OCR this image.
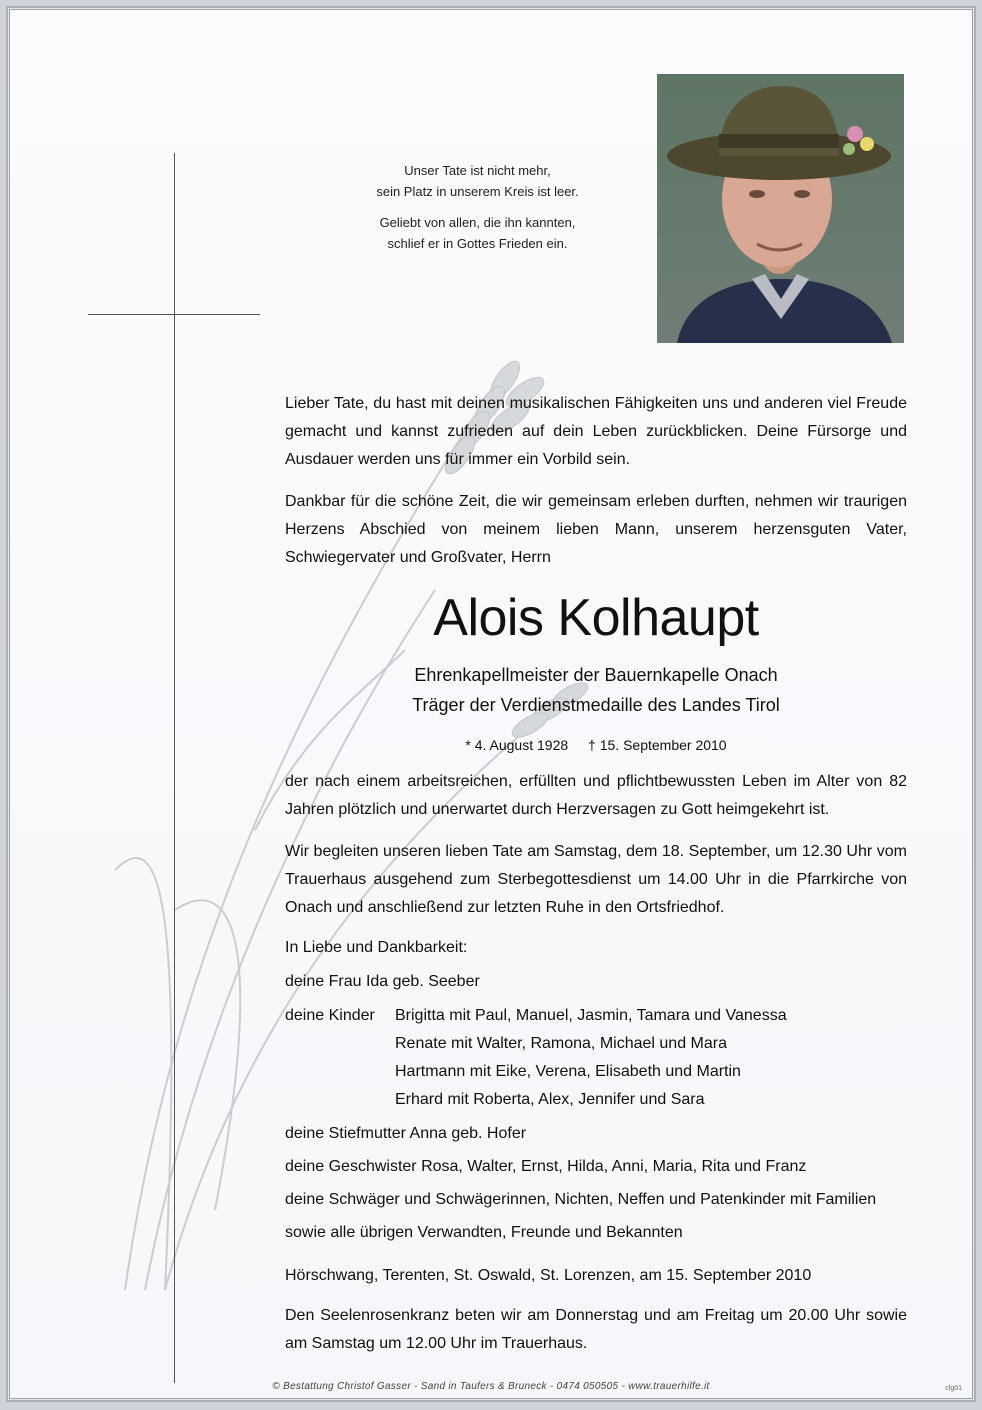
Unser Tate ist nicht mehr,
sein Platz in unserem Kreis ist leer.

Geliebt von allen, die ihn kannten,
schlief er in Gottes Frieden ein.

Lieber Tate, du hast mit deinen musikalischen Fähigkeiten uns und anderen viel Freude gemacht und kannst zufrieden auf dein Leben zurückblicken. Deine Fürsorge und Ausdauer werden uns für immer ein Vorbild sein.
Dankbar für die schöne Zeit, die wir gemeinsam erleben durften, nehmen wir traurigen Herzens Abschied von meinem lieben Mann, unserem herzensguten Vater, Schwiegervater und Großvater, Herrn
Alois Kolhaupt
Ehrenkapellmeister der Bauernkapelle Onach
Träger der Verdienstmedaille des Landes Tirol
* 4. August 1928 † 15. September 2010
der nach einem arbeitsreichen, erfüllten und pflichtbewussten Leben im Alter von 82 Jahren plötzlich und unerwartet durch Herzversagen zu Gott heimgekehrt ist.
Wir begleiten unseren lieben Tate am Samstag, dem 18. September, um 12.30 Uhr vom Trauerhaus ausgehend zum Sterbegottesdienst um 14.00 Uhr in die Pfarrkirche von Onach und anschließend zur letzten Ruhe in den Ortsfriedhof.
In Liebe und Dankbarkeit:
deine Frau Ida geb. Seeber
deine Kinder	Brigitta mit Paul, Manuel, Jasmin, Tamara und Vanessa
Renate mit Walter, Ramona, Michael und Mara
Hartmann mit Eike, Verena, Elisabeth und Martin
Erhard mit Roberta, Alex, Jennifer und Sara
deine Stiefmutter Anna geb. Hofer
deine Geschwister Rosa, Walter, Ernst, Hilda, Anni, Maria, Rita und Franz
deine Schwäger und Schwägerinnen, Nichten, Neffen und Patenkinder mit Familien
sowie alle übrigen Verwandten, Freunde und Bekannten
Hörschwang, Terenten, St. Oswald, St. Lorenzen, am 15. September 2010
Den Seelenrosenkranz beten wir am Donnerstag und am Freitag um 20.00 Uhr sowie am Samstag um 12.00 Uhr im Trauerhaus.
© Bestattung Christof Gasser - Sand in Taufers & Bruneck - 0474 050505 - www.trauerhilfe.it	clg01
